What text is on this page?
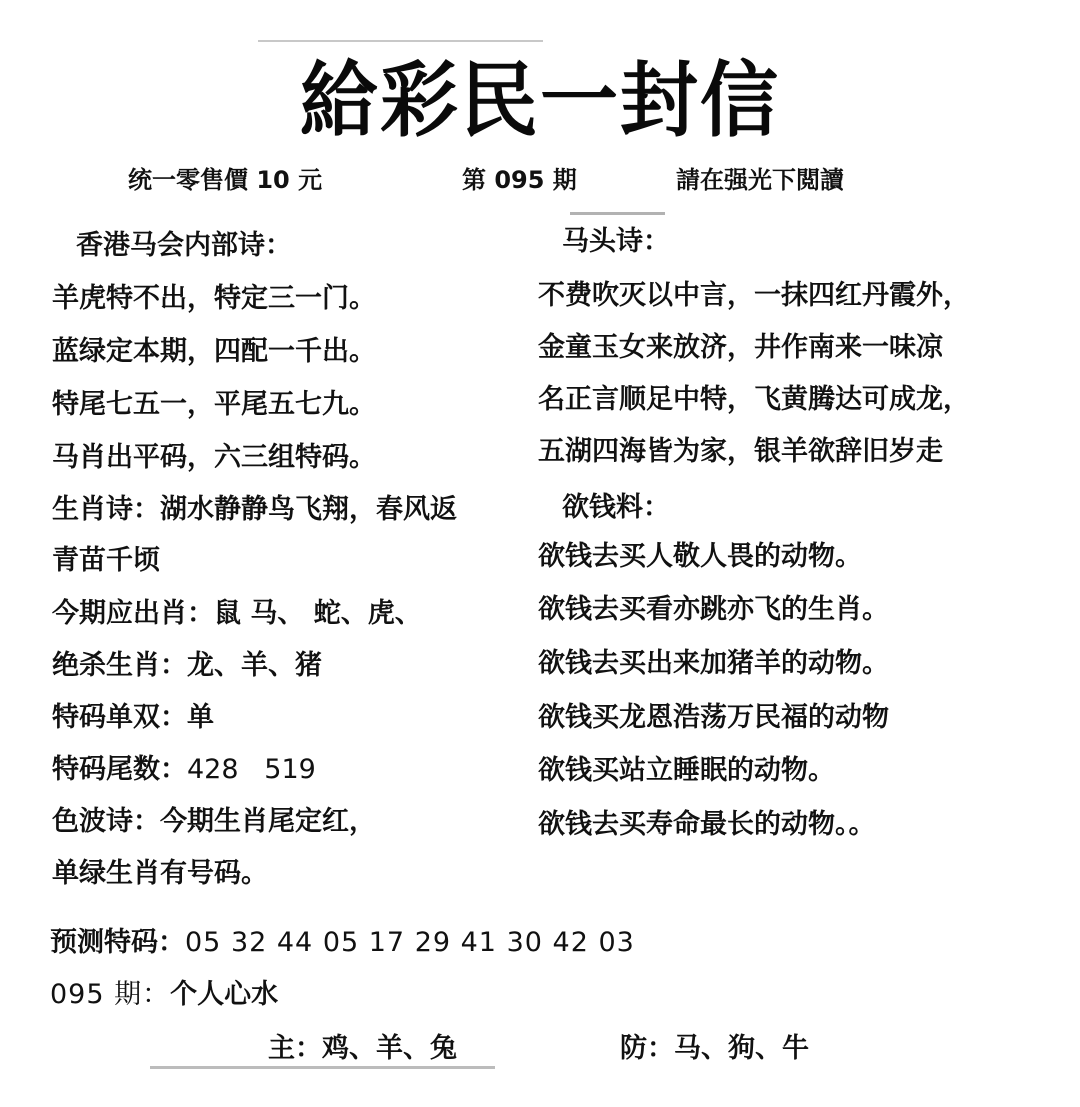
給彩民一封信
统一零售價 10 元	第 095 期	請在强光下閲讀
香港马会内部诗：
羊虎特不出，特定三一门。
蓝绿定本期，四配一千出。
特尾七五一，平尾五七九。
马肖出平码，六三组特码。
生肖诗：湖水静静鸟飞翔，春风返
青苗千顷
今期应出肖：鼠 马、 蛇、虎、
绝杀生肖：龙、羊、猪
特码单双：单
特码尾数：428   519
色波诗：今期生肖尾定红，
单绿生肖有号码。
马头诗：
不费吹灭以中言，一抹四红丹霞外，
金童玉女来放济，井作南来一味凉
名正言顺足中特，飞黄腾达可成龙，
五湖四海皆为家，银羊欲辞旧岁走
欲钱料：
欲钱去买人敬人畏的动物。
欲钱去买看亦跳亦飞的生肖。
欲钱去买出来加猪羊的动物。
欲钱买龙恩浩荡万民福的动物
欲钱买站立睡眠的动物。
欲钱去买寿命最长的动物。。
预测特码：05 32 44 05 17 29 41 30 42 03
095 期：个人心水
主：鸡、羊、兔	防：马、狗、牛
